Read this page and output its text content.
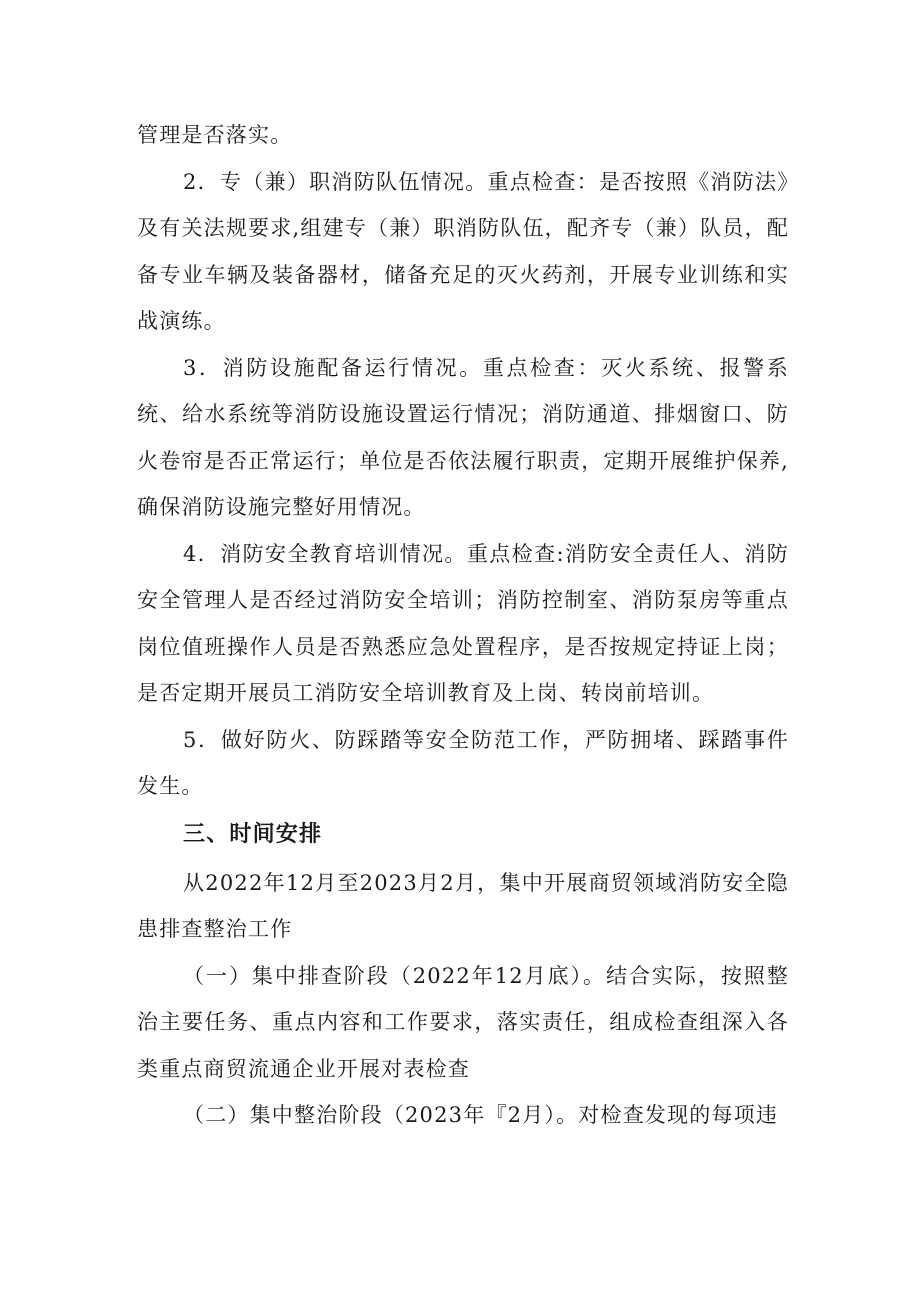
管理是否落实。

2．专（兼）职消防队伍情况。重点检查：是否按照《消防法》及有关法规要求,组建专（兼）职消防队伍，配齐专（兼）队员，配备专业车辆及装备器材，储备充足的灭火药剂，开展专业训练和实战演练。

3．消防设施配备运行情况。重点检查：灭火系统、报警系统、给水系统等消防设施设置运行情况；消防通道、排烟窗口、防火卷帘是否正常运行；单位是否依法履行职责，定期开展维护保养,确保消防设施完整好用情况。

4．消防安全教育培训情况。重点检查:消防安全责任人、消防安全管理人是否经过消防安全培训；消防控制室、消防泵房等重点岗位值班操作人员是否熟悉应急处置程序，是否按规定持证上岗；是否定期开展员工消防安全培训教育及上岗、转岗前培训。

5．做好防火、防踩踏等安全防范工作，严防拥堵、踩踏事件发生。

三、时间安排

从2022年12月至2023月2月，集中开展商贸领域消防安全隐患排查整治工作

（一）集中排查阶段（2022年12月底）。结合实际，按照整治主要任务、重点内容和工作要求，落实责任，组成检查组深入各类重点商贸流通企业开展对表检查

（二）集中整治阶段（2023年『2月）。对检查发现的每项违
